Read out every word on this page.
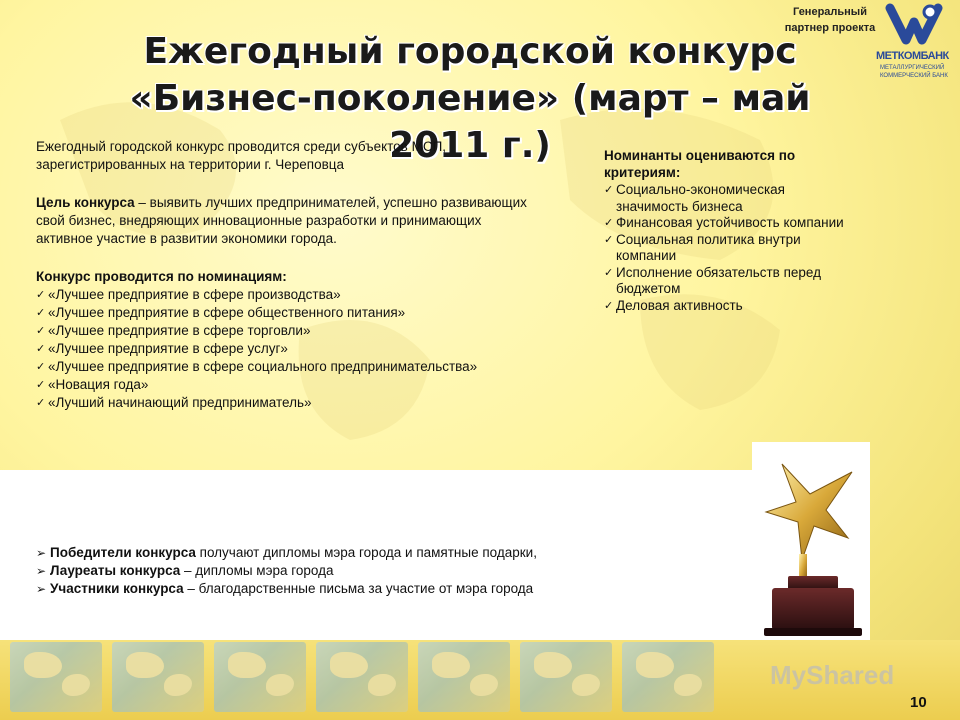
Генеральный партнер проекта
МЕТКОМБАНК
МЕТАЛЛУРГИЧЕСКИЙ КОММЕРЧЕСКИЙ БАНК
Ежегодный городской конкурс
«Бизнес-поколение» (март – май 2011 г.)

Ежегодный городской конкурс проводится среди субъектов МСП, зарегистрированных на территории г. Череповца

Цель конкурса – выявить лучших предпринимателей, успешно развивающих свой бизнес, внедряющих инновационные разработки и принимающих активное участие в развитии экономики города.

Конкурс проводится по номинациям:
✓ «Лучшее предприятие в сфере производства»
✓ «Лучшее предприятие в сфере общественного питания»
✓ «Лучшее предприятие в сфере торговли»
✓ «Лучшее предприятие в сфере услуг»
✓ «Лучшее предприятие в сфере социального предпринимательства»
✓ «Новация года»
✓ «Лучший начинающий предприниматель»
Номинанты оцениваются по критериям:
✓ Социально-экономическая значимость бизнеса
✓ Финансовая устойчивость компании
✓ Социальная политика внутри компании
✓ Исполнение обязательств перед бюджетом
✓ Деловая активность
➢ Победители конкурса получают дипломы мэра города и памятные подарки,
➢ Лауреаты конкурса – дипломы мэра города
➢ Участники конкурса – благодарственные письма за участие от мэра города
MyShared
10
